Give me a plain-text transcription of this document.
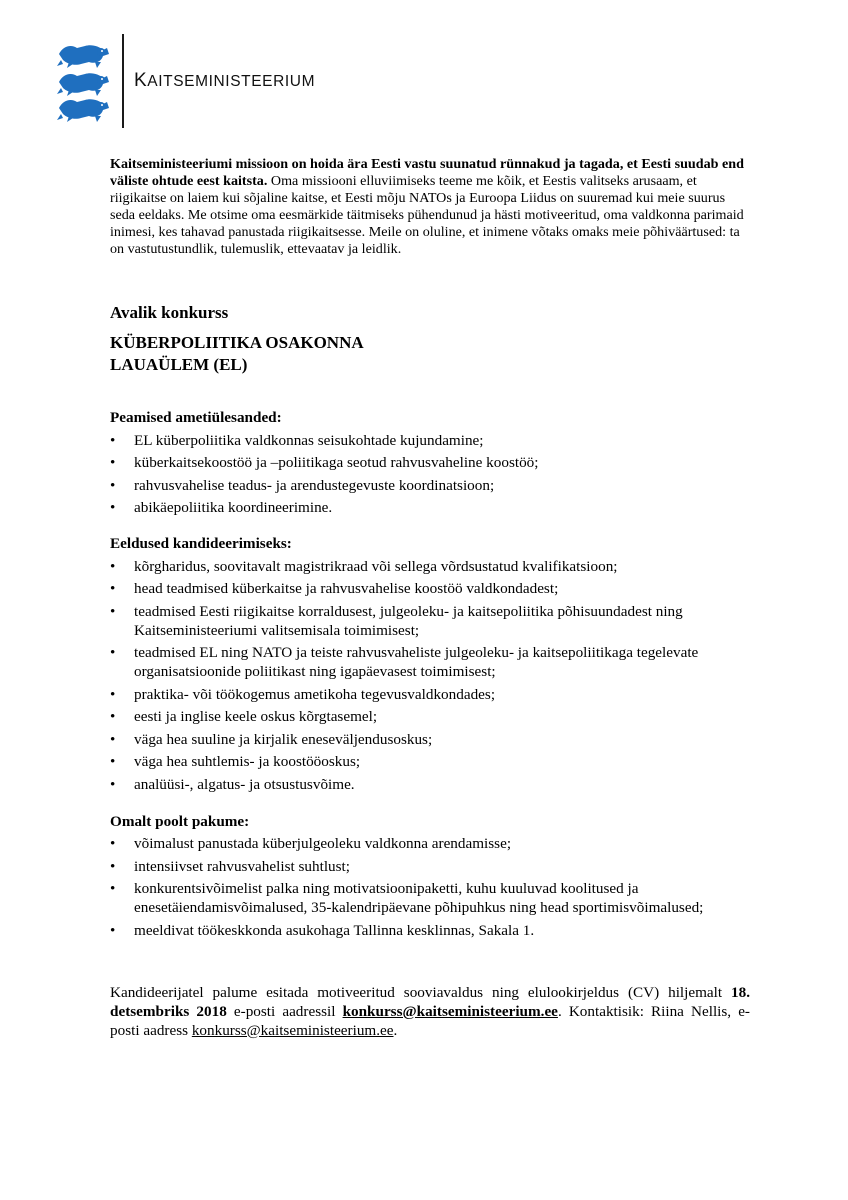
KAITSEMINISTEERIUM

Kaitseministeeriumi missioon on hoida ära Eesti vastu suunatud rünnakud ja tagada, et Eesti suudab end väliste ohtude eest kaitsta. Oma missiooni elluviimiseks teeme me kõik, et Eestis valitseks arusaam, et riigikaitse on laiem kui sõjaline kaitse, et Eesti mõju NATOs ja Euroopa Liidus on suuremad kui meie suurus seda eeldaks. Me otsime oma eesmärkide täitmiseks pühendunud ja hästi motiveeritud, oma valdkonna parimaid inimesi, kes tahavad panustada riigikaitsesse. Meile on oluline, et inimene võtaks omaks meie põhiväärtused: ta on vastutustundlik, tulemuslik, ettevaatav ja leidlik.

Avalik konkurss
KÜBERPOLIITIKA OSAKONNA
LAUAÜLEM (EL)
Peamised ametiülesanded:
• EL küberpoliitika valdkonnas seisukohtade kujundamine;
• küberkaitsekoostöö ja –poliitikaga seotud rahvusvaheline koostöö;
• rahvusvahelise teadus- ja arendustegevuste koordinatsioon;
• abikäepoliitika koordineerimine.
Eeldused kandideerimiseks:
• kõrgharidus, soovitavalt magistrikraad või sellega võrdsustatud kvalifikatsioon;
• head teadmised küberkaitse ja rahvusvahelise koostöö valdkondadest;
• teadmised Eesti riigikaitse korraldusest, julgeoleku- ja kaitsepoliitika põhisuundadest ning Kaitseministeeriumi valitsemisala toimimisest;
• teadmised EL ning NATO ja teiste rahvusvaheliste julgeoleku- ja kaitsepoliitikaga tegelevate organisatsioonide poliitikast ning igapäevasest toimimisest;
• praktika- või töökogemus ametikoha tegevusvaldkondades;
• eesti ja inglise keele oskus kõrgtasemel;
• väga hea suuline ja kirjalik eneseväljendusoskus;
• väga hea suhtlemis- ja koostööoskus;
• analüüsi-, algatus- ja otsustusvõime.
Omalt poolt pakume:
• võimalust panustada küberjulgeoleku valdkonna arendamisse;
• intensiivset rahvusvahelist suhtlust;
• konkurentsivõimelist palka ning motivatsioonipaketti, kuhu kuuluvad koolitused ja enesetäiendamisvõimalused, 35-kalendripäevane põhipuhkus ning head sportimisvõimalused;
• meeldivat töökeskkonda asukohaga Tallinna kesklinnas, Sakala 1.

Kandideerijatel palume esitada motiveeritud sooviavaldus ning elulookirjeldus (CV) hiljemalt 18. detsembriks 2018 e-posti aadressil konkurss@kaitseministeerium.ee. Kontaktisik: Riina Nellis, e-posti aadress konkurss@kaitseministeerium.ee.
